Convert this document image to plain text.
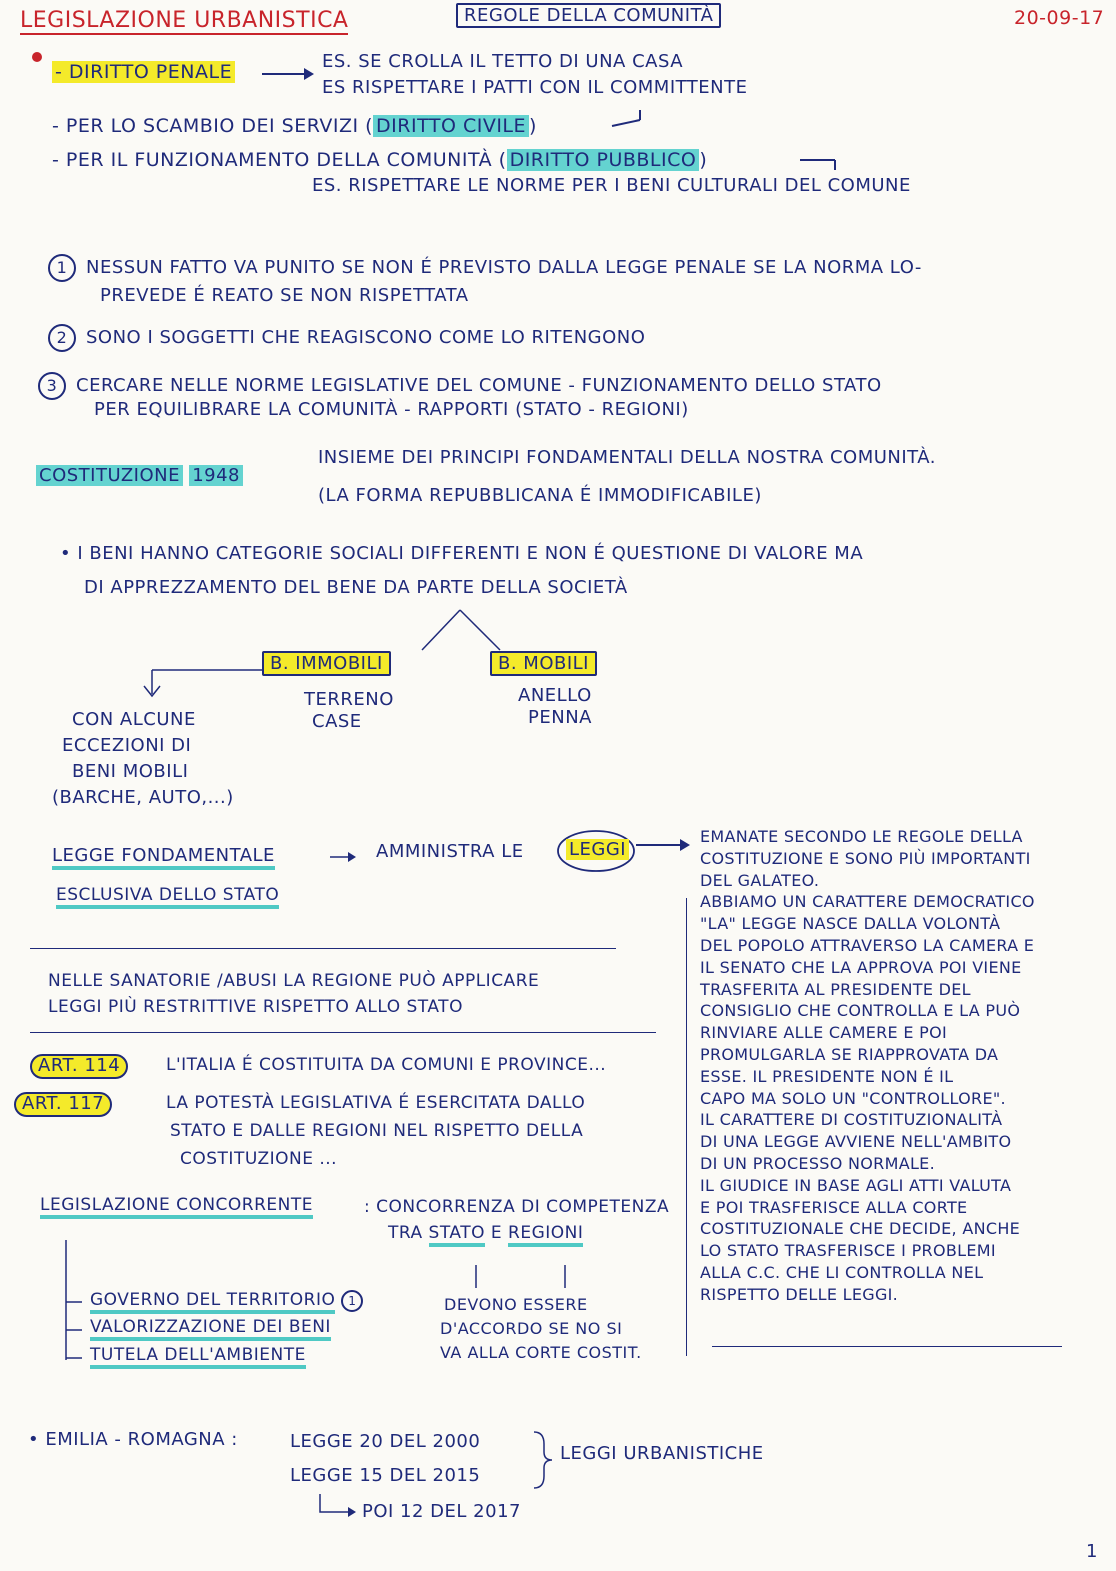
LEGISLAZIONE URBANISTICA	REGOLE DELLA COMUNITÀ	20-09-17
- DIRITTO PENALE	ES. SE CROLLA IL TETTO DI UNA CASA
ES RISPETTARE I PATTI CON IL COMMITTENTE
- PER LO SCAMBIO DEI SERVIZI ( DIRITTO CIVILE )
- PER IL FUNZIONAMENTO DELLA COMUNITÀ ( DIRITTO PUBBLICO )
ES. RISPETTARE LE NORME PER I BENI CULTURALI DEL COMUNE
1 NESSUN FATTO VA PUNITO SE NON É PREVISTO DALLA LEGGE PENALE SE LA NORMA LO-
PREVEDE É REATO SE NON RISPETTATA
2 SONO I SOGGETTI CHE REAGISCONO COME LO RITENGONO
3 CERCARE NELLE NORME LEGISLATIVE DEL COMUNE - FUNZIONAMENTO DELLO STATO
PER EQUILIBRARE LA COMUNITÀ - RAPPORTI (STATO - REGIONI)
COSTITUZIONE 1948
INSIEME DEI PRINCIPI FONDAMENTALI DELLA NOSTRA COMUNITÀ.
(LA FORMA REPUBBLICANA É IMMODIFICABILE)
• I BENI HANNO CATEGORIE SOCIALI DIFFERENTI E NON É QUESTIONE DI VALORE MA
DI APPREZZAMENTO DEL BENE DA PARTE DELLA SOCIETÀ
B. IMMOBILI	B. MOBILI
TERRENO
CASE
ANELLO
PENNA
CON ALCUNE
ECCEZIONI DI
BENI MOBILI
(BARCHE, AUTO,...)
LEGGE FONDAMENTALE	AMMINISTRA LE	LEGGI
ESCLUSIVA DELLO STATO
NELLE SANATORIE /ABUSI LA REGIONE PUÒ APPLICARE
LEGGI PIÙ RESTRITTIVE RISPETTO ALLO STATO
ART. 114	L'ITALIA É COSTITUITA DA COMUNI E PROVINCE...
ART. 117	LA POTESTÀ LEGISLATIVA É ESERCITATA DALLO
STATO E DALLE REGIONI NEL RISPETTO DELLA
COSTITUZIONE ...
LEGISLAZIONE CONCORRENTE	: CONCORRENZA DI COMPETENZA
TRA STATO E REGIONI
GOVERNO DEL TERRITORIO 1
VALORIZZAZIONE DEI BENI
TUTELA DELL'AMBIENTE
DEVONO ESSERE
D'ACCORDO SE NO SI
VA ALLA CORTE COSTIT.
EMANATE SECONDO LE REGOLE DELLA
COSTITUZIONE E SONO PIÙ IMPORTANTI
DEL GALATEO.
ABBIAMO UN CARATTERE DEMOCRATICO
"LA" LEGGE NASCE DALLA VOLONTÀ
DEL POPOLO ATTRAVERSO LA CAMERA E
IL SENATO CHE LA APPROVA POI VIENE
TRASFERITA AL PRESIDENTE DEL
CONSIGLIO CHE CONTROLLA E LA PUÒ
RINVIARE ALLE CAMERE E POI
PROMULGARLA SE RIAPPROVATA DA
ESSE. IL PRESIDENTE NON É IL
CAPO MA SOLO UN "CONTROLLORE".
IL CARATTERE DI COSTITUZIONALITÀ
DI UNA LEGGE AVVIENE NELL'AMBITO
DI UN PROCESSO NORMALE.
IL GIUDICE IN BASE AGLI ATTI VALUTA
E POI TRASFERISCE ALLA CORTE
COSTITUZIONALE CHE DECIDE, ANCHE
LO STATO TRASFERISCE I PROBLEMI
ALLA C.C. CHE LI CONTROLLA NEL
RISPETTO DELLE LEGGI.
• EMILIA - ROMAGNA :	LEGGE 20 DEL 2000
LEGGE 15 DEL 2015
LEGGI URBANISTICHE
POI 12 DEL 2017
1
